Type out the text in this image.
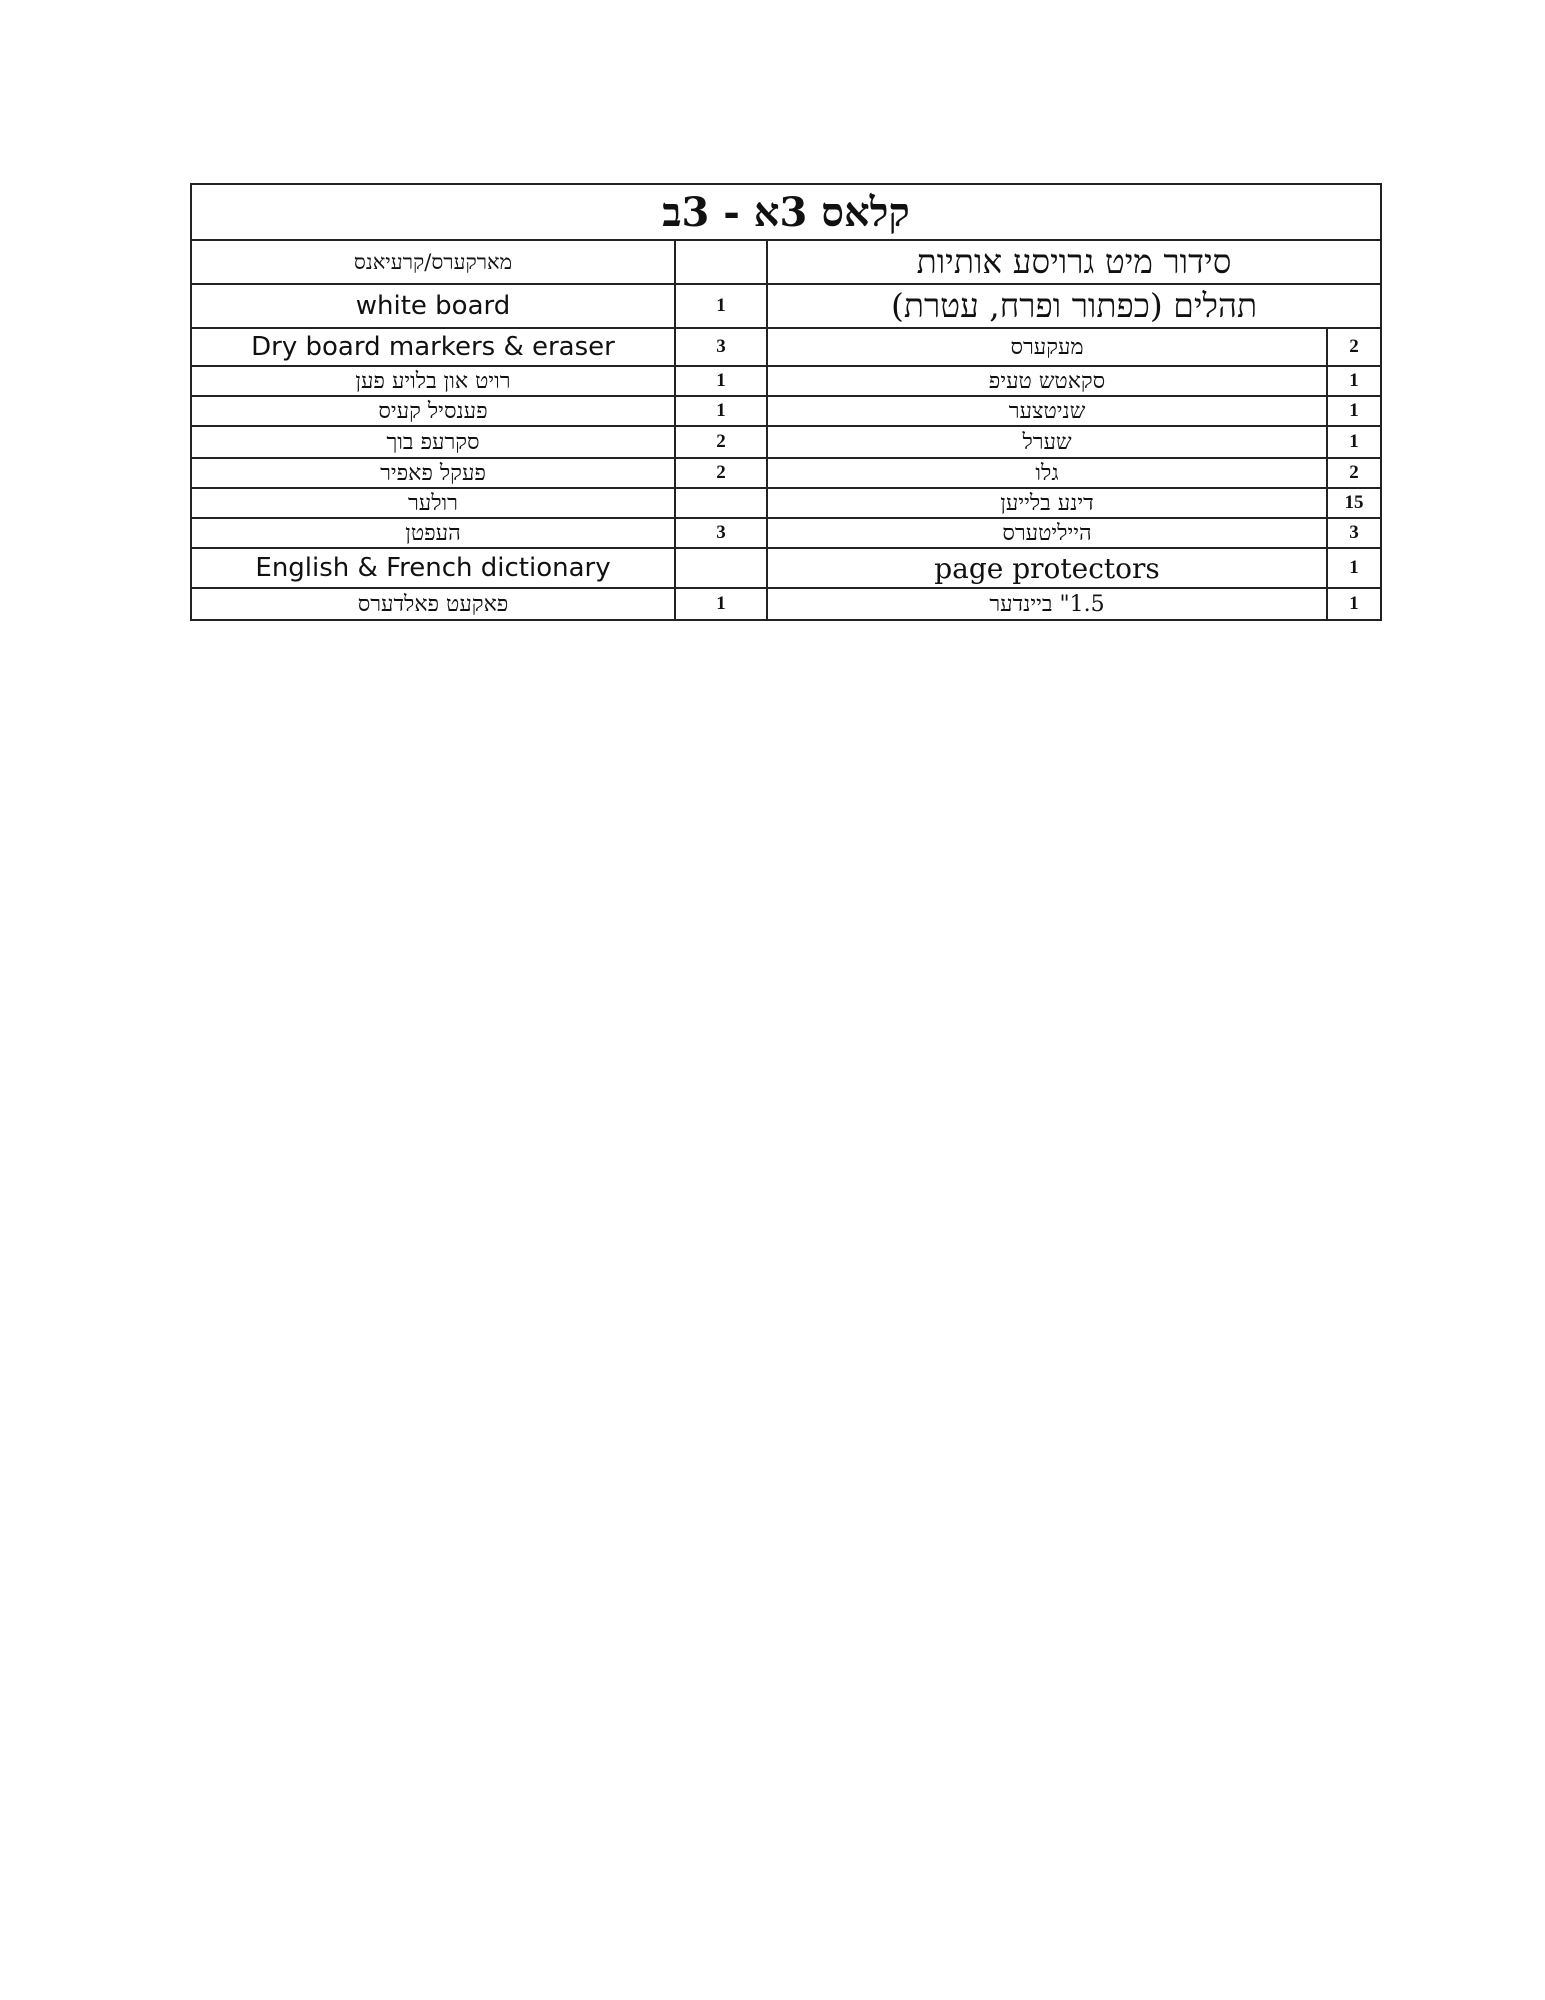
קלאס 3א - 3ב			
מארקערס/קרעיאנס		סידור מיט גרויסע אותיות	
white board	1	תהלים (כפתור ופרח, עטרת)	
Dry board markers & eraser	3	מעקערס	2
רויט און בלויע פען	1	סקאטש טעיפ	1
פענסיל קעיס	1	שניטצער	1
סקרעפ בוך	2	שערל	1
פעקל פאפיר	2	גלו	2
רולער		דינע בלייען	15
העפטן	3	הייליטערס	3
English & French dictionary		page protectors	1
פאקעט פאלדערס	1	1.5" ביינדער	1
